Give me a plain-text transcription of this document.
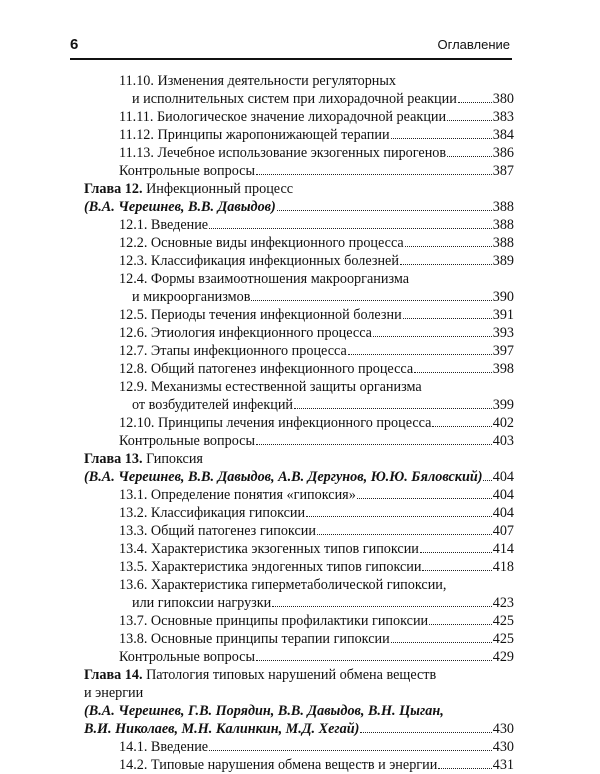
6	Оглавление
11.10. Изменения деятельности регуляторных
и исполнительных систем при лихорадочной реакции	380
11.11. Биологическое значение лихорадочной реакции	383
11.12. Принципы жаропонижающей терапии	384
11.13. Лечебное использование экзогенных пирогенов	386
Контрольные вопросы	387
Глава 12. Инфекционный процесс
(В.А. Черешнев, В.В. Давыдов)	388
12.1. Введение	388
12.2. Основные виды инфекционного процесса	388
12.3. Классификация инфекционных болезней	389
12.4. Формы взаимоотношения макроорганизма
и микроорганизмов	390
12.5. Периоды течения инфекционной болезни	391
12.6. Этиология инфекционного процесса	393
12.7. Этапы инфекционного процесса	397
12.8. Общий патогенез инфекционного процесса	398
12.9. Механизмы естественной защиты организма
от возбудителей инфекций	399
12.10. Принципы лечения инфекционного процесса	402
Контрольные вопросы	403
Глава 13. Гипоксия
(В.А. Черешнев, В.В. Давыдов, А.В. Дергунов, Ю.Ю. Бяловский) 404
13.1. Определение понятия «гипоксия»	404
13.2. Классификация гипоксии	404
13.3. Общий патогенез гипоксии	407
13.4. Характеристика экзогенных типов гипоксии	414
13.5. Характеристика эндогенных типов гипоксии	418
13.6. Характеристика гиперметаболической гипоксии,
или гипоксии нагрузки	423
13.7. Основные принципы профилактики гипоксии	425
13.8. Основные принципы терапии гипоксии	425
Контрольные вопросы	429
Глава 14. Патология типовых нарушений обмена веществ
и энергии
(В.А. Черешнев, Г.В. Порядин, В.В. Давыдов, В.Н. Цыган,
В.И. Николаев, М.Н. Калинкин, М.Д. Хегай)	430
14.1. Введение	430
14.2. Типовые нарушения обмена веществ и энергии	431
